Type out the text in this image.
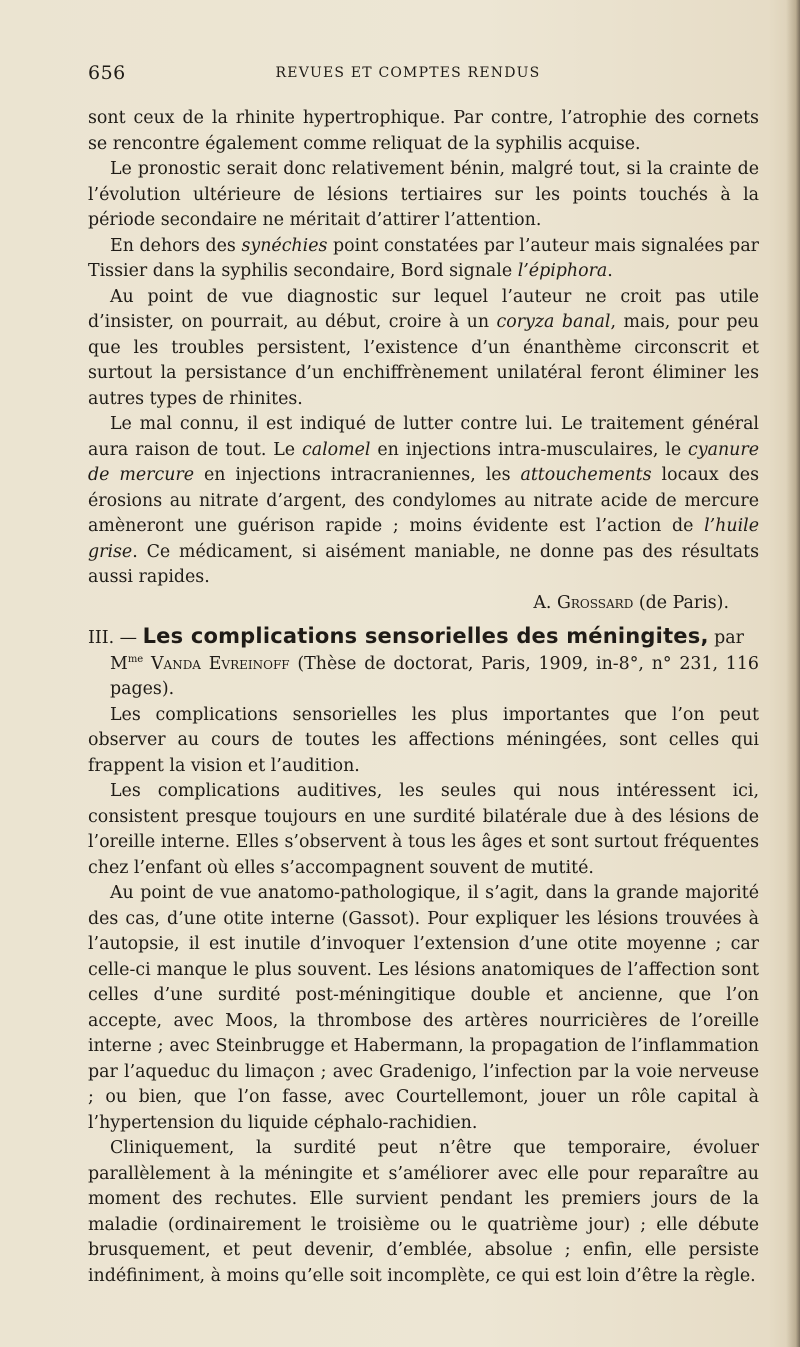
656	REVUES ET COMPTES RENDUS

sont ceux de la rhinite hypertrophique. Par contre, l’atrophie des cornets se rencontre également comme reliquat de la syphilis acquise.

Le pronostic serait donc relativement bénin, malgré tout, si la crainte de l’évolution ultérieure de lésions tertiaires sur les points touchés à la période secondaire ne méritait d’attirer l’attention.

En dehors des synéchies point constatées par l’auteur mais signalées par Tissier dans la syphilis secondaire, Bord signale l’épiphora.

Au point de vue diagnostic sur lequel l’auteur ne croit pas utile d’insister, on pourrait, au début, croire à un coryza banal, mais, pour peu que les troubles persistent, l’existence d’un énanthème circonscrit et surtout la persistance d’un enchiffrènement unilatéral feront éliminer les autres types de rhinites.

Le mal connu, il est indiqué de lutter contre lui. Le traitement général aura raison de tout. Le calomel en injections intra-musculaires, le cyanure de mercure en injections intracraniennes, les attouchements locaux des érosions au nitrate d’argent, des condylomes au nitrate acide de mercure amèneront une guérison rapide ; moins évidente est l’action de l’huile grise. Ce médicament, si aisément maniable, ne donne pas des résultats aussi rapides.

A. Grossard (de Paris).

III. — Les complications sensorielles des méningites, par
$M^{me}$ Vanda Evreinoff (Thèse de doctorat, Paris, 1909, in-8°, n° 231, 116 pages).

Les complications sensorielles les plus importantes que l’on peut observer au cours de toutes les affections méningées, sont celles qui frappent la vision et l’audition.

Les complications auditives, les seules qui nous intéressent ici, consistent presque toujours en une surdité bilatérale due à des lésions de l’oreille interne. Elles s’observent à tous les âges et sont surtout fréquentes chez l’enfant où elles s’accompagnent souvent de mutité.

Au point de vue anatomo-pathologique, il s’agit, dans la grande majorité des cas, d’une otite interne (Gassot). Pour expliquer les lésions trouvées à l’autopsie, il est inutile d’invoquer l’extension d’une otite moyenne ; car celle-ci manque le plus souvent. Les lésions anatomiques de l’affection sont celles d’une surdité post-méningitique double et ancienne, que l’on accepte, avec Moos, la thrombose des artères nourricières de l’oreille interne ; avec Steinbrugge et Habermann, la propagation de l’inflammation par l’aqueduc du limaçon ; avec Gradenigo, l’infection par la voie nerveuse ; ou bien, que l’on fasse, avec Courtellemont, jouer un rôle capital à l’hypertension du liquide céphalo-rachidien.

Cliniquement, la surdité peut n’être que temporaire, évoluer parallèlement à la méningite et s’améliorer avec elle pour reparaître au moment des rechutes. Elle survient pendant les premiers jours de la maladie (ordinairement le troisième ou le quatrième jour) ; elle débute brusquement, et peut devenir, d’emblée, absolue ; enfin, elle persiste indéfiniment, à moins qu’elle soit incomplète, ce qui est loin d’être la règle.
